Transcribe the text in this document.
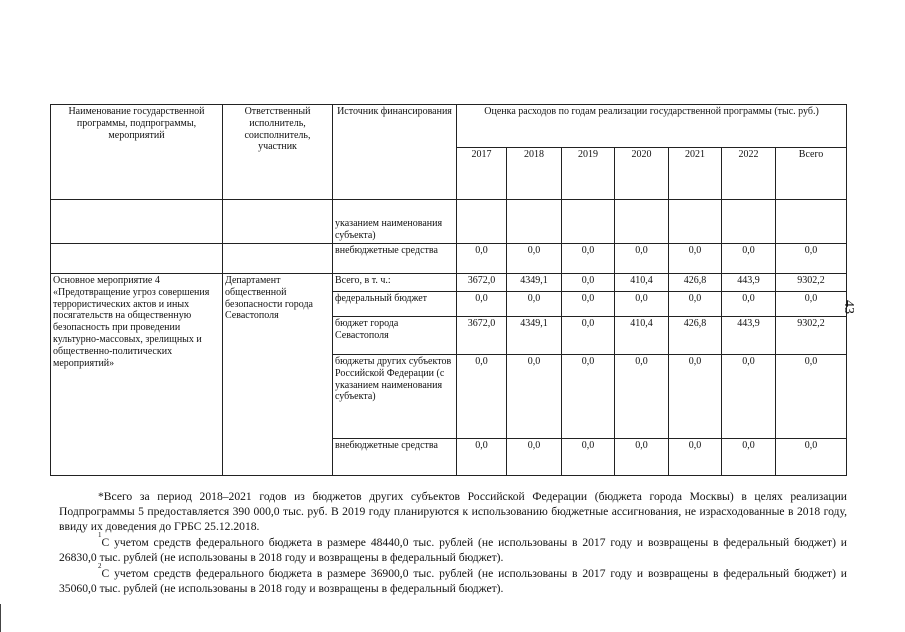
Наименование государственной программы, подпрограммы, мероприятий	Ответственный исполнитель, соисполнитель, участник	Источник финансирования	Оценка расходов по годам реализации государственной программы (тыс. руб.)						
			2017	2018	2019	2020	2021	2022	Всего
		указанием наименования субъекта)							
		внебюджетные средства	0,0	0,0	0,0	0,0	0,0	0,0	0,0
Основное мероприятие 4 «Предотвращение угроз совершения террористических актов и иных посягательств на общественную безопасность при проведении культурно-массовых, зрелищных и общественно-политических мероприятий»	Департамент общественной безопасности города Севастополя	Всего, в т. ч.:	3672,0	4349,1	0,0	410,4	426,8	443,9	9302,2
		федеральный бюджет	0,0	0,0	0,0	0,0	0,0	0,0	0,0
		бюджет города Севастополя	3672,0	4349,1	0,0	410,4	426,8	443,9	9302,2
		бюджеты других субъектов Российской Федерации (с указанием наименования субъекта)	0,0	0,0	0,0	0,0	0,0	0,0	0,0
		внебюджетные средства	0,0	0,0	0,0	0,0	0,0	0,0	0,0
43

*Всего за период 2018–2021 годов из бюджетов других субъектов Российской Федерации (бюджета города Москвы) в целях реализации Подпрограммы 5 предоставляется 390 000,0 тыс. руб. В 2019 году планируются к использованию бюджетные ассигнования, не израсходованные в 2018 году, ввиду их доведения до ГРБС 25.12.2018.

$^1$С учетом средств федерального бюджета в размере 48440,0 тыс. рублей (не использованы в 2017 году и возвращены в федеральный бюджет) и 26830,0 тыс. рублей (не использованы в 2018 году и возвращены в федеральный бюджет).

$^2$С учетом средств федерального бюджета в размере 36900,0 тыс. рублей (не использованы в 2017 году и возвращены в федеральный бюджет) и 35060,0 тыс. рублей (не использованы в 2018 году и возвращены в федеральный бюджет).
